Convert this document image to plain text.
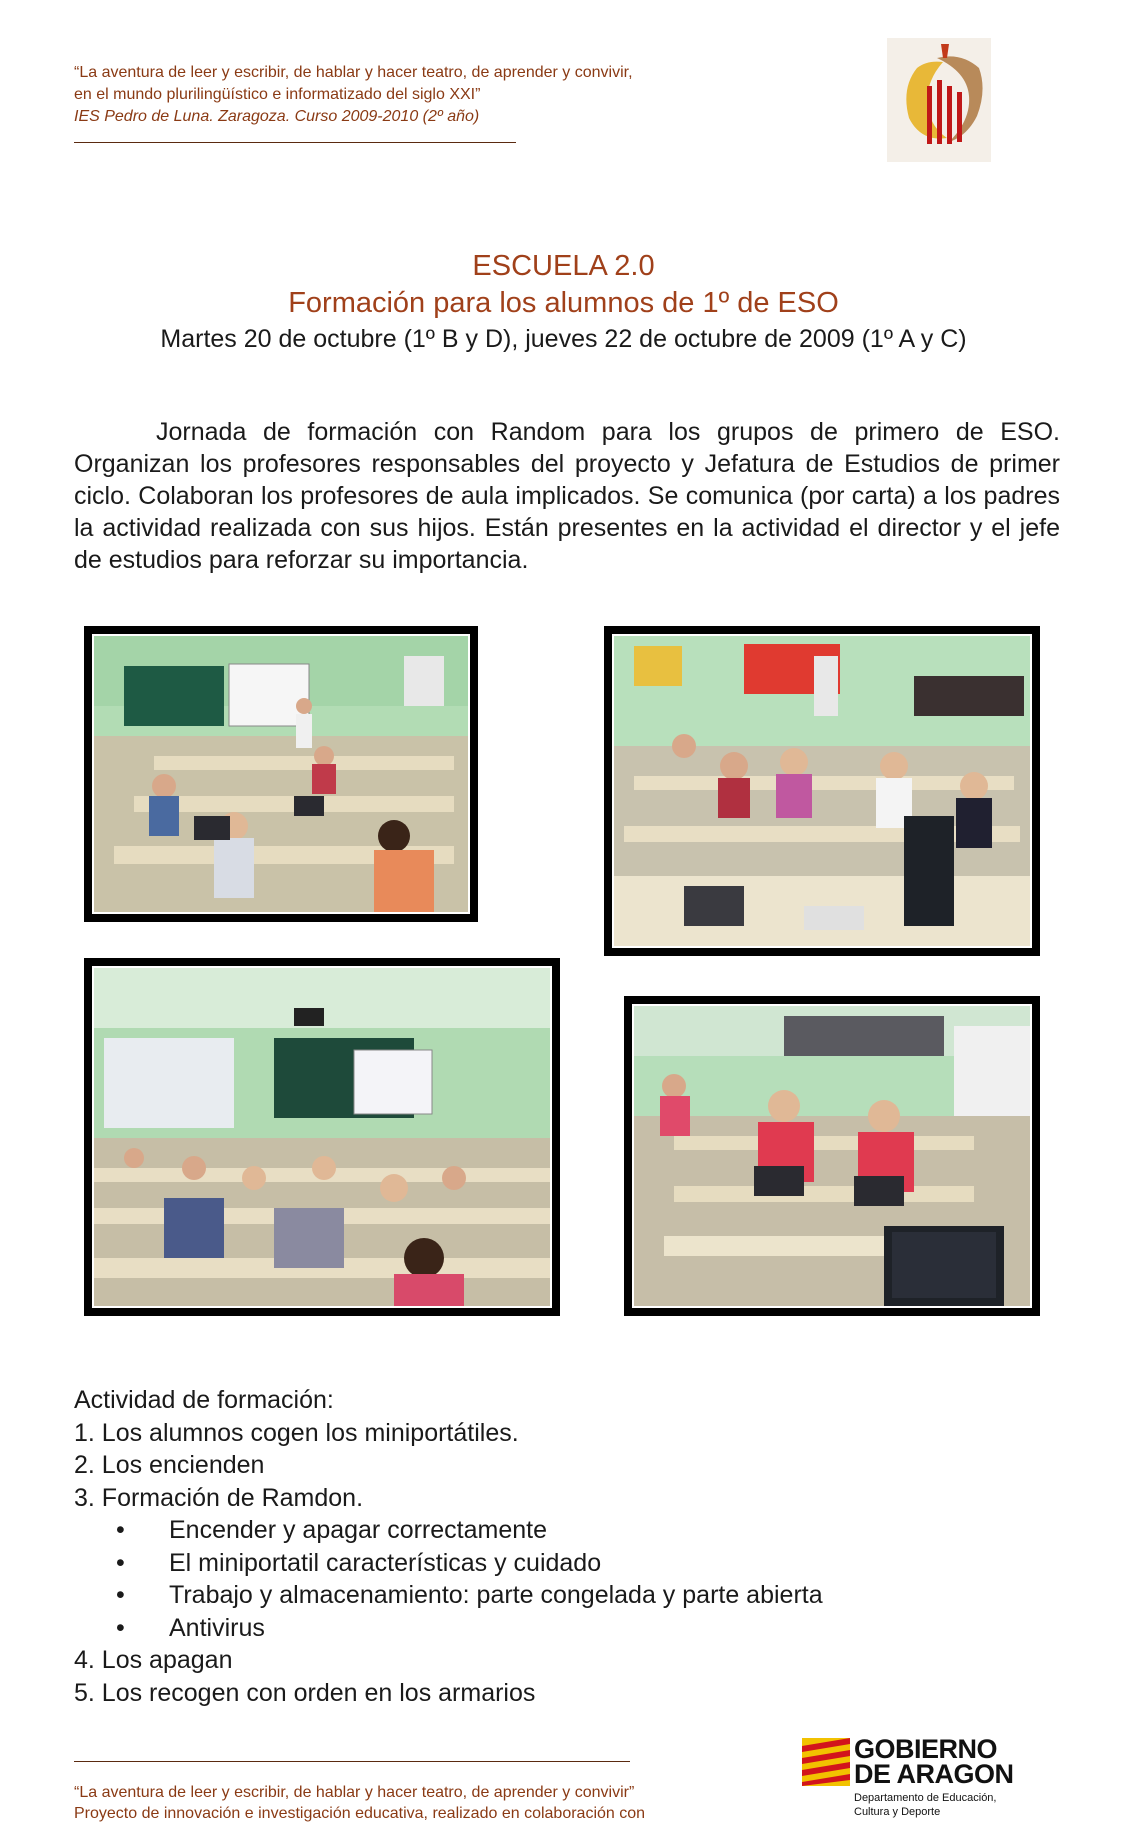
“La aventura de leer y escribir, de hablar y hacer teatro, de aprender y convivir,
en el mundo plurilingüístico e informatizado del siglo XXI”
IES Pedro de Luna. Zaragoza. Curso 2009-2010 (2º año)
ESCUELA 2.0
Formación para los alumnos de 1º de ESO
Martes 20 de octubre (1º B y D), jueves 22 de octubre de 2009 (1º A y C)
Jornada de formación con Random para los grupos de primero de ESO. Organizan los profesores responsables del proyecto y Jefatura de Estudios de primer ciclo. Colaboran los profesores de aula implicados. Se comunica (por carta) a los padres la actividad realizada con sus hijos. Están presentes en la actividad el director y el jefe de estudios para reforzar su importancia.
Actividad de formación:
1. Los alumnos cogen los miniportátiles.
2. Los encienden
3. Formación de Ramdon.
•	Encender y apagar correctamente
•	El miniportatil características y cuidado
•	Trabajo y almacenamiento: parte congelada y parte abierta
•	Antivirus
4. Los apagan
5. Los recogen con orden en los armarios
“La aventura de leer y escribir, de hablar y hacer teatro, de aprender y convivir”
Proyecto de innovación e investigación educativa, realizado en colaboración con
GOBIERNO
DE ARAGON
Departamento de Educación,
Cultura y Deporte
